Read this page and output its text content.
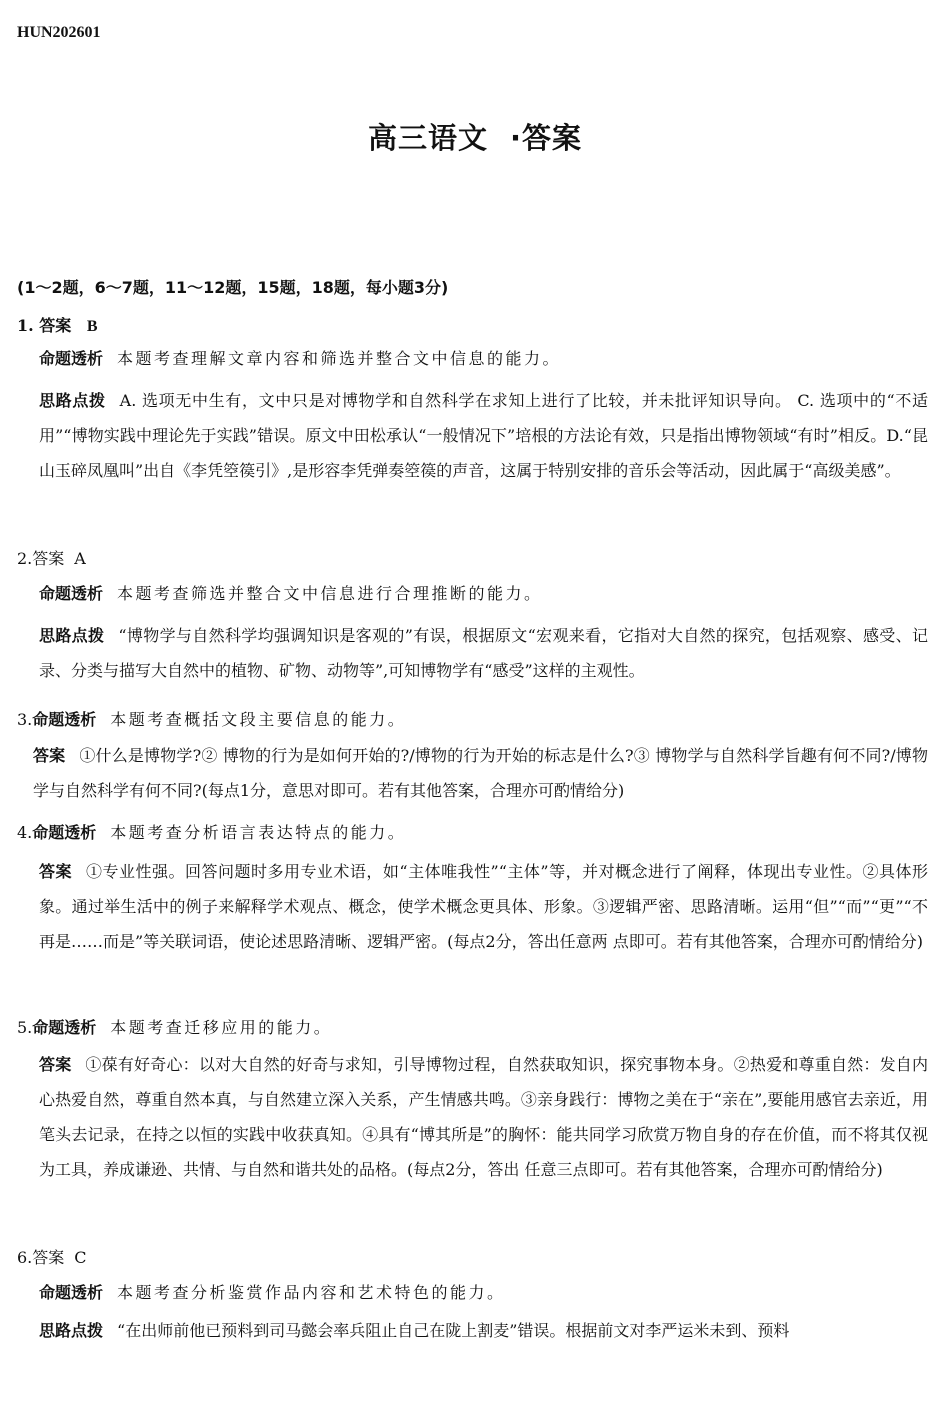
HUN202601
高三语文 ·答案
(1～2题，6～7题，11～12题，15题，18题，每小题3分)
1. 答案 B
命题透析 本题考查理解文章内容和筛选并整合文中信息的能力。
思路点拨 A. 选项无中生有，文中只是对博物学和自然科学在求知上进行了比较，并未批评知识导向。 C. 选项中的“不适用”“博物实践中理论先于实践”错误。原文中田松承认“一般情况下”培根的方法论有效，只是指出博物领域“有时”相反。D.“昆山玉碎凤凰叫”出自《李凭箜篌引》,是形容李凭弹奏箜篌的声音，这属于特别安排的音乐会等活动，因此属于“高级美感”。
2.答案 A
命题透析 本题考查筛选并整合文中信息进行合理推断的能力。
思路点拨 “博物学与自然科学均强调知识是客观的”有误，根据原文“宏观来看，它指对大自然的探究，包括观察、感受、记录、分类与描写大自然中的植物、矿物、动物等”,可知博物学有“感受”这样的主观性。
3.命题透析 本题考查概括文段主要信息的能力。
答案 ①什么是博物学?② 博物的行为是如何开始的?/博物的行为开始的标志是什么?③ 博物学与自然科学旨趣有何不同?/博物学与自然科学有何不同?(每点1分，意思对即可。若有其他答案，合理亦可酌情给分)
4.命题透析 本题考查分析语言表达特点的能力。
答案 ①专业性强。回答问题时多用专业术语，如“主体唯我性”“主体”等，并对概念进行了阐释，体现出专业性。②具体形象。通过举生活中的例子来解释学术观点、概念，使学术概念更具体、形象。③逻辑严密、思路清晰。运用“但”“而”“更”“不再是……而是”等关联词语，使论述思路清晰、逻辑严密。(每点2分，答出任意两 点即可。若有其他答案，合理亦可酌情给分)
5.命题透析 本题考查迁移应用的能力。
答案 ①葆有好奇心：以对大自然的好奇与求知，引导博物过程，自然获取知识，探究事物本身。②热爱和尊重自然：发自内心热爱自然，尊重自然本真，与自然建立深入关系，产生情感共鸣。③亲身践行：博物之美在于“亲在”,要能用感官去亲近，用笔头去记录，在持之以恒的实践中收获真知。④具有“博其所是”的胸怀：能共同学习欣赏万物自身的存在价值，而不将其仅视为工具，养成谦逊、共情、与自然和谐共处的品格。(每点2分，答出 任意三点即可。若有其他答案，合理亦可酌情给分)
6.答案 C
命题透析 本题考查分析鉴赏作品内容和艺术特色的能力。
思路点拨 “在出师前他已预料到司马懿会率兵阻止自己在陇上割麦”错误。根据前文对李严运米未到、预料
